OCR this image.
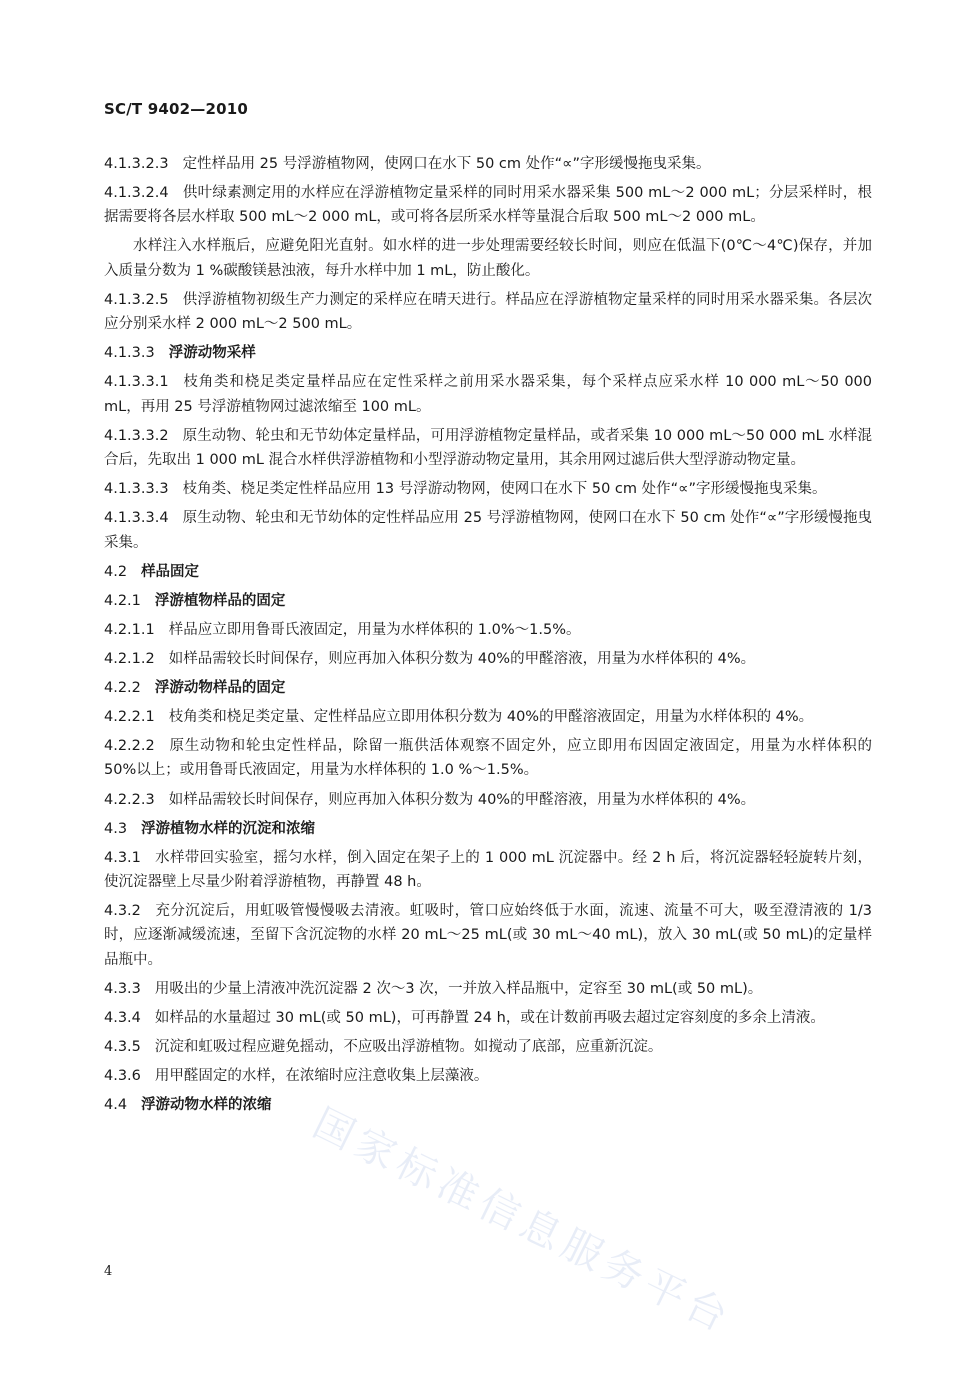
SC/T 9402—2010

4.1.3.2.3 定性样品用 25 号浮游植物网，使网口在水下 50 cm 处作“∝”字形缓慢拖曳采集。

4.1.3.2.4 供叶绿素测定用的水样应在浮游植物定量采样的同时用采水器采集 500 mL～2 000 mL；分层采样时，根据需要将各层水样取 500 mL～2 000 mL，或可将各层所采水样等量混合后取 500 mL～2 000 mL。

水样注入水样瓶后，应避免阳光直射。如水样的进一步处理需要经较长时间，则应在低温下(0℃～4℃)保存，并加入质量分数为 1 %碳酸镁悬浊液，每升水样中加 1 mL，防止酸化。

4.1.3.2.5 供浮游植物初级生产力测定的采样应在晴天进行。样品应在浮游植物定量采样的同时用采水器采集。各层次应分别采水样 2 000 mL～2 500 mL。

4.1.3.3 浮游动物采样

4.1.3.3.1 枝角类和桡足类定量样品应在定性采样之前用采水器采集，每个采样点应采水样 10 000 mL～50 000 mL，再用 25 号浮游植物网过滤浓缩至 100 mL。

4.1.3.3.2 原生动物、轮虫和无节幼体定量样品，可用浮游植物定量样品，或者采集 10 000 mL～50 000 mL 水样混合后，先取出 1 000 mL 混合水样供浮游植物和小型浮游动物定量用，其余用网过滤后供大型浮游动物定量。

4.1.3.3.3 枝角类、桡足类定性样品应用 13 号浮游动物网，使网口在水下 50 cm 处作“∝”字形缓慢拖曳采集。

4.1.3.3.4 原生动物、轮虫和无节幼体的定性样品应用 25 号浮游植物网，使网口在水下 50 cm 处作“∝”字形缓慢拖曳采集。

4.2 样品固定

4.2.1 浮游植物样品的固定

4.2.1.1 样品应立即用鲁哥氏液固定，用量为水样体积的 1.0%～1.5%。

4.2.1.2 如样品需较长时间保存，则应再加入体积分数为 40%的甲醛溶液，用量为水样体积的 4%。

4.2.2 浮游动物样品的固定

4.2.2.1 枝角类和桡足类定量、定性样品应立即用体积分数为 40%的甲醛溶液固定，用量为水样体积的 4%。

4.2.2.2 原生动物和轮虫定性样品，除留一瓶供活体观察不固定外，应立即用布因固定液固定，用量为水样体积的 50%以上；或用鲁哥氏液固定，用量为水样体积的 1.0 %～1.5%。

4.2.2.3 如样品需较长时间保存，则应再加入体积分数为 40%的甲醛溶液，用量为水样体积的 4%。

4.3 浮游植物水样的沉淀和浓缩

4.3.1 水样带回实验室，摇匀水样，倒入固定在架子上的 1 000 mL 沉淀器中。经 2 h 后，将沉淀器轻轻旋转片刻，使沉淀器壁上尽量少附着浮游植物，再静置 48 h。

4.3.2 充分沉淀后，用虹吸管慢慢吸去清液。虹吸时，管口应始终低于水面，流速、流量不可大，吸至澄清液的 1/3 时，应逐渐减缓流速，至留下含沉淀物的水样 20 mL～25 mL(或 30 mL～40 mL)，放入 30 mL(或 50 mL)的定量样品瓶中。

4.3.3 用吸出的少量上清液冲洗沉淀器 2 次～3 次，一并放入样品瓶中，定容至 30 mL(或 50 mL)。

4.3.4 如样品的水量超过 30 mL(或 50 mL)，可再静置 24 h，或在计数前再吸去超过定容刻度的多余上清液。

4.3.5 沉淀和虹吸过程应避免摇动，不应吸出浮游植物。如搅动了底部，应重新沉淀。

4.3.6 用甲醛固定的水样，在浓缩时应注意收集上层藻液。

4.4 浮游动物水样的浓缩

4	国家标准信息服务平台
